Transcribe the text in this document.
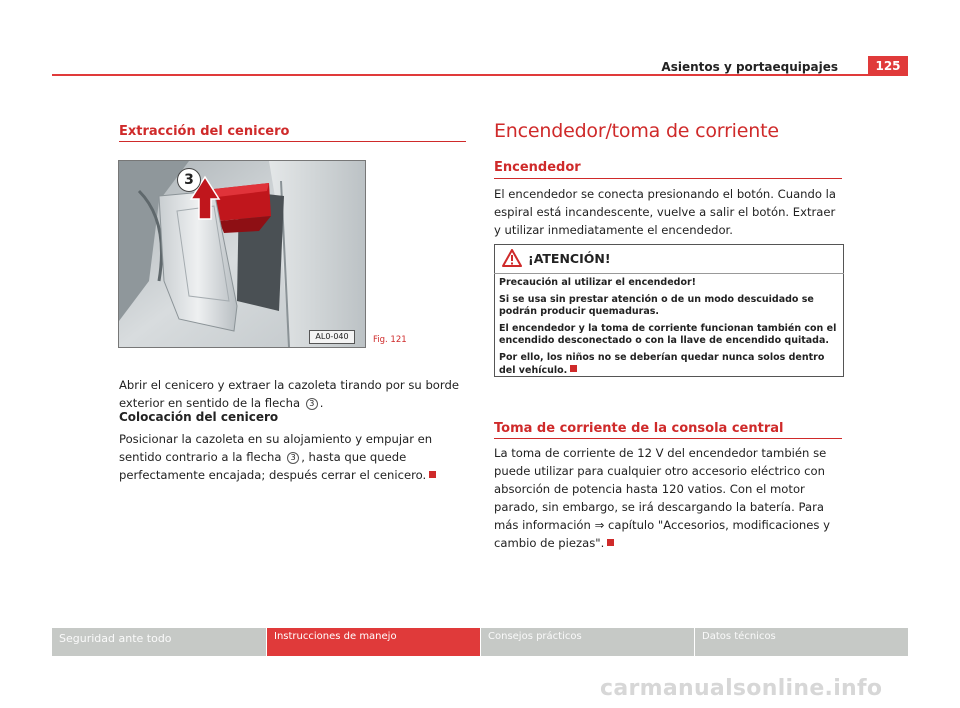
Asientos y portaequipajes	125
Extracción del cenicero
3
AL0-040	Fig. 121
Abrir el cenicero y extraer la cazoleta tirando por su borde exterior en sentido de la flecha 3 .
Colocación del cenicero
Posicionar la cazoleta en su alojamiento y empujar en sentido contrario a la flecha 3 , hasta que quede perfectamente encajada; después cerrar el cenicero.
Encendedor/toma de corriente
Encendedor
El encendedor se conecta presionando el botón. Cuando la espiral está incandescente, vuelve a salir el botón. Extraer y utilizar inmediatamente el encendedor.
¡ATENCIÓN!
Precaución al utilizar el encendedor!
Si se usa sin prestar atención o de un modo descuidado se podrán producir quemaduras.
El encendedor y la toma de corriente funcionan también con el encendido desconectado o con la llave de encendido quitada.
Por ello, los niños no se deberían quedar nunca solos dentro del vehículo.
Toma de corriente de la consola central
La toma de corriente de 12 V del encendedor también se puede utilizar para cualquier otro accesorio eléctrico con absorción de potencia hasta 120 vatios. Con el motor parado, sin embargo, se irá descargando la batería. Para más información ⇒ capítulo "Accesorios, modificaciones y cambio de piezas".
Seguridad ante todo	Instrucciones de manejo	Consejos prácticos	Datos técnicos
carmanualsonline.info
